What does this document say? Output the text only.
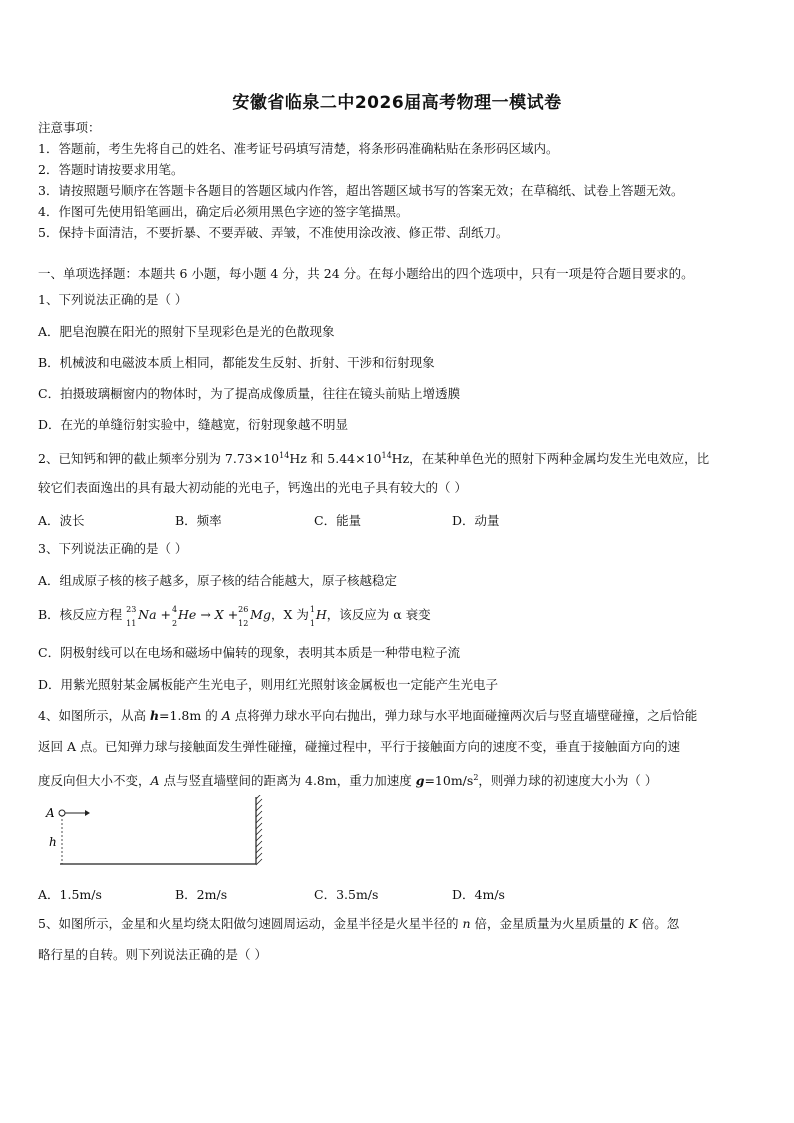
安徽省临泉二中2026届高考物理一模试卷
注意事项：
1．答题前，考生先将自己的姓名、准考证号码填写清楚，将条形码准确粘贴在条形码区域内。
2．答题时请按要求用笔。
3．请按照题号顺序在答题卡各题目的答题区域内作答，超出答题区域书写的答案无效；在草稿纸、试卷上答题无效。
4．作图可先使用铅笔画出，确定后必须用黑色字迹的签字笔描黑。
5．保持卡面清洁，不要折暴、不要弄破、弄皱，不准使用涂改液、修正带、刮纸刀。
一、单项选择题：本题共 6 小题，每小题 4 分，共 24 分。在每小题给出的四个选项中，只有一项是符合题目要求的。
1、下列说法正确的是（ ）
A．肥皂泡膜在阳光的照射下呈现彩色是光的色散现象
B．机械波和电磁波本质上相同，都能发生反射、折射、干涉和衍射现象
C．拍摄玻璃橱窗内的物体时，为了提高成像质量，往往在镜头前贴上增透膜
D．在光的单缝衍射实验中，缝越宽，衍射现象越不明显
2、已知钙和钾的截止频率分别为 $7.73\times 10^{14}Hz$ 和 $5.44\times 10^{14}Hz$，在某种单色光的照射下两种金属均发生光电效应，比
较它们表面逸出的具有最大初动能的光电子，钙逸出的光电子具有较大的（ ）
A．波长	B．频率	C．能量	D．动量
3、下列说法正确的是（ ）
A．组成原子核的核子越多，原子核的结合能越大，原子核越稳定
B．核反应方程 23
11
Na + 4
2
He → X + 26
12
Mg，X 为 1
1
H，该反应为 α 衰变
C．阴极射线可以在电场和磁场中偏转的现象，表明其本质是一种带电粒子流
D．用紫光照射某金属板能产生光电子，则用红光照射该金属板也一定能产生光电子
4、如图所示，从高 h=1.8m 的 A 点将弹力球水平向右抛出，弹力球与水平地面碰撞两次后与竖直墙壁碰撞，之后恰能
返回 A 点。已知弹力球与接触面发生弹性碰撞，碰撞过程中，平行于接触面方向的速度不变，垂直于接触面方向的速
度反向但大小不变，A 点与竖直墙壁间的距离为 4.8m，重力加速度 $g=10m/s^2$，则弹力球的初速度大小为（ ）
A
h
A．1.5m/s	B．2m/s	C．3.5m/s	D．4m/s
5、如图所示，金星和火星均绕太阳做匀速圆周运动，金星半径是火星半径的 n 倍，金星质量为火星质量的 K 倍。忽
略行星的自转。则下列说法正确的是（ ）
